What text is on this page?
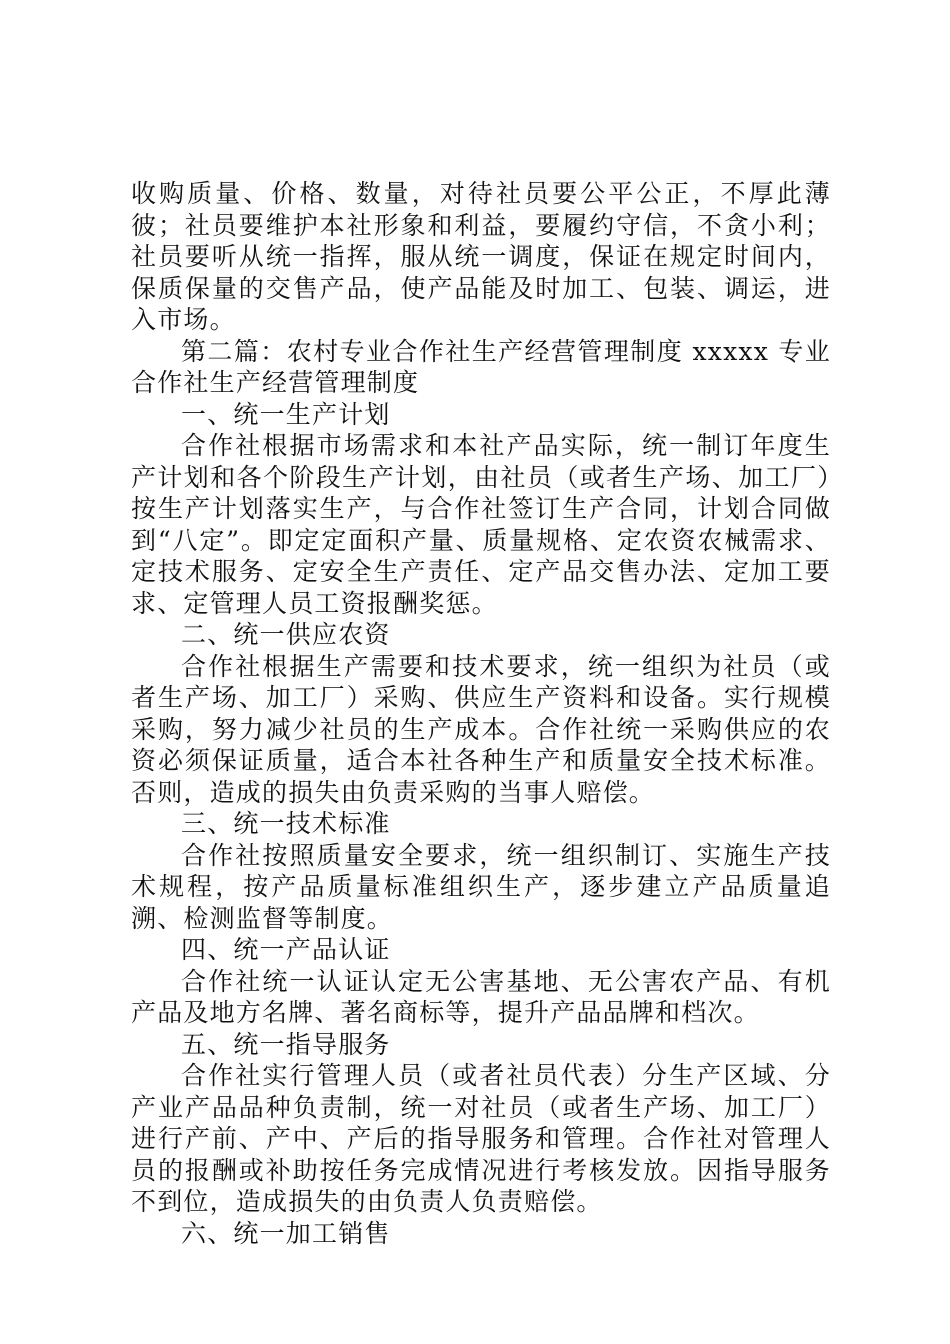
收购质量、价格、数量，对待社员要公平公正，不厚此薄彼；社员要维护本社形象和利益，要履约守信，不贪小利；社员要听从统一指挥，服从统一调度，保证在规定时间内，保质保量的交售产品，使产品能及时加工、包装、调运，进入市场。

第二篇：农村专业合作社生产经营管理制度 xxxxx 专业合作社生产经营管理制度

一、统一生产计划

合作社根据市场需求和本社产品实际，统一制订年度生产计划和各个阶段生产计划，由社员（或者生产场、加工厂）按生产计划落实生产，与合作社签订生产合同，计划合同做到“八定”。即定定面积产量、质量规格、定农资农械需求、定技术服务、定安全生产责任、定产品交售办法、定加工要求、定管理人员工资报酬奖惩。

二、统一供应农资

合作社根据生产需要和技术要求，统一组织为社员（或者生产场、加工厂）采购、供应生产资料和设备。实行规模采购，努力减少社员的生产成本。合作社统一采购供应的农资必须保证质量，适合本社各种生产和质量安全技术标准。否则，造成的损失由负责采购的当事人赔偿。

三、统一技术标准

合作社按照质量安全要求，统一组织制订、实施生产技术规程，按产品质量标准组织生产，逐步建立产品质量追溯、检测监督等制度。

四、统一产品认证

合作社统一认证认定无公害基地、无公害农产品、有机产品及地方名牌、著名商标等，提升产品品牌和档次。

五、统一指导服务

合作社实行管理人员（或者社员代表）分生产区域、分产业产品品种负责制，统一对社员（或者生产场、加工厂）进行产前、产中、产后的指导服务和管理。合作社对管理人员的报酬或补助按任务完成情况进行考核发放。因指导服务不到位，造成损失的由负责人负责赔偿。

六、统一加工销售
